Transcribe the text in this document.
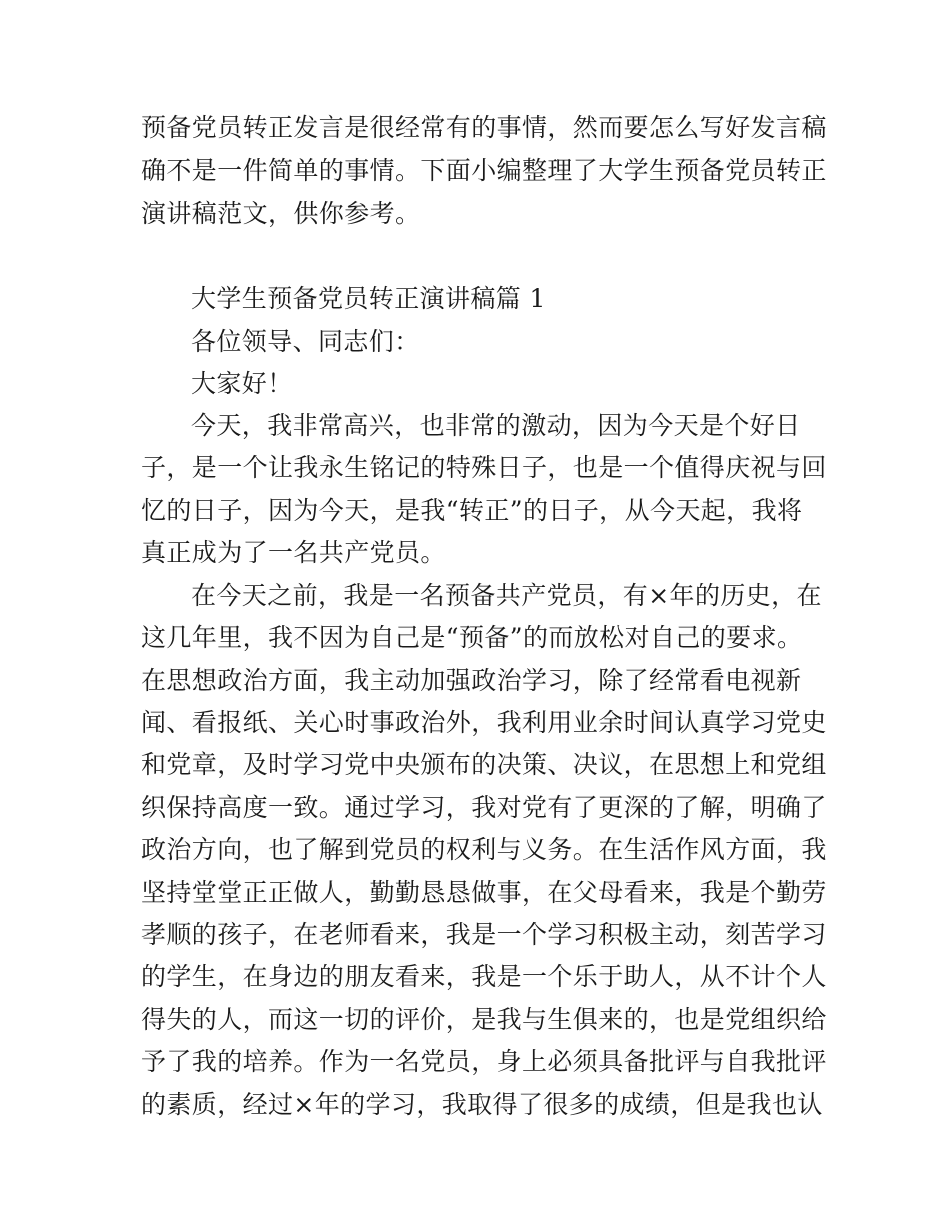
预备党员转正发言是很经常有的事情，然而要怎么写好发言稿
确不是一件简单的事情。下面小编整理了大学生预备党员转正
演讲稿范文，供你参考。
大学生预备党员转正演讲稿篇 1
各位领导、同志们：
大家好！
今天，我非常高兴，也非常的激动，因为今天是个好日
子，是一个让我永生铭记的特殊日子，也是一个值得庆祝与回
忆的日子，因为今天，是我“转正”的日子，从今天起，我将
真正成为了一名共产党员。
在今天之前，我是一名预备共产党员，有×年的历史，在
这几年里，我不因为自己是“预备”的而放松对自己的要求。
在思想政治方面，我主动加强政治学习，除了经常看电视新
闻、看报纸、关心时事政治外，我利用业余时间认真学习党史
和党章，及时学习党中央颁布的决策、决议，在思想上和党组
织保持高度一致。通过学习，我对党有了更深的了解，明确了
政治方向，也了解到党员的权利与义务。在生活作风方面，我
坚持堂堂正正做人，勤勤恳恳做事，在父母看来，我是个勤劳
孝顺的孩子，在老师看来，我是一个学习积极主动，刻苦学习
的学生，在身边的朋友看来，我是一个乐于助人，从不计个人
得失的人，而这一切的评价，是我与生俱来的，也是党组织给
予了我的培养。作为一名党员，身上必须具备批评与自我批评
的素质，经过×年的学习，我取得了很多的成绩，但是我也认
